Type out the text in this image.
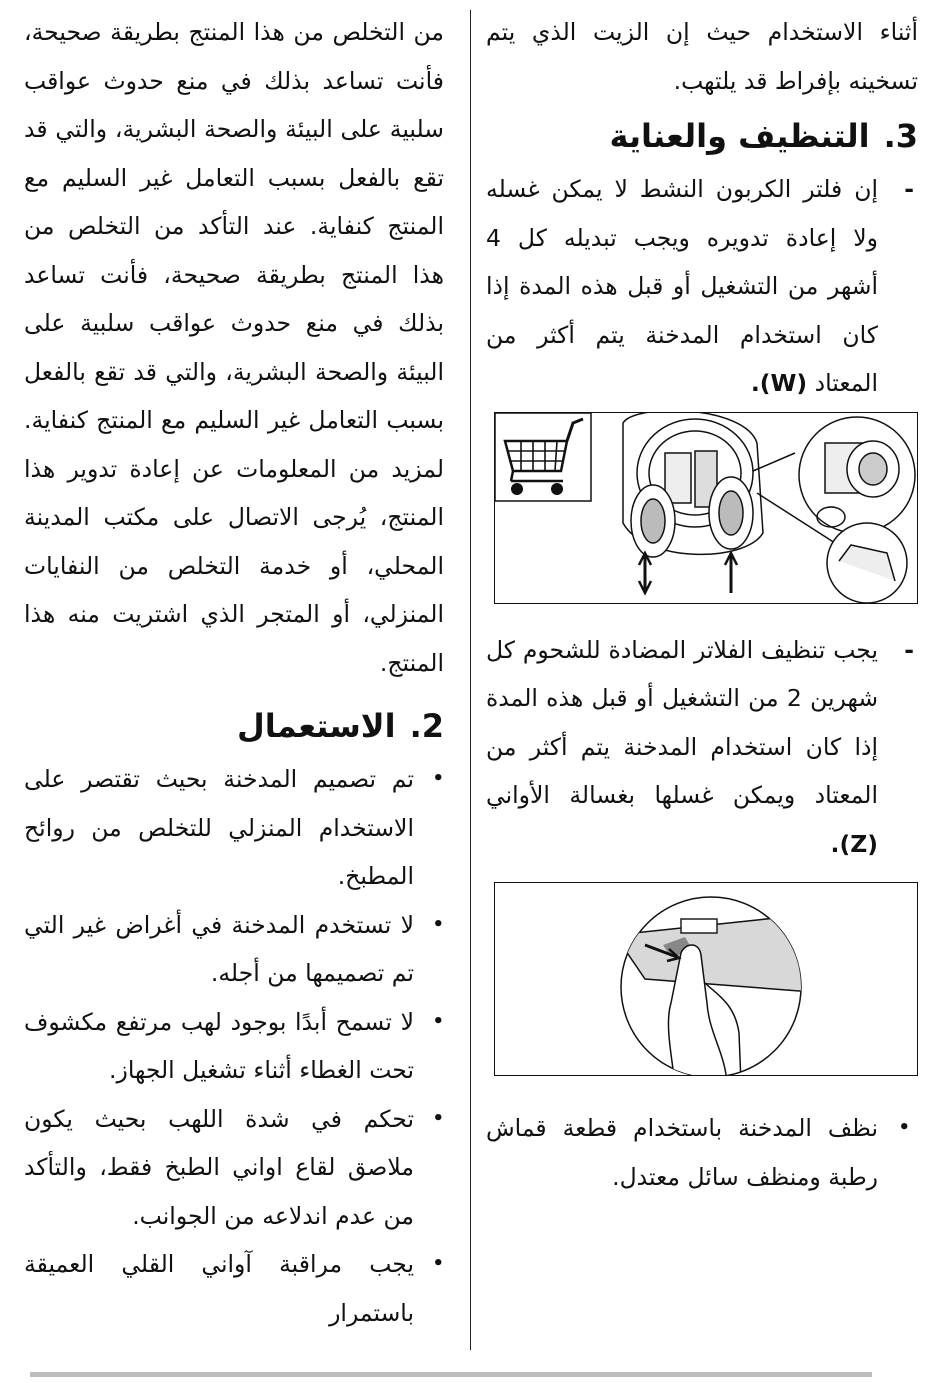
أثناء الاستخدام حيث إن الزيت الذي يتم تسخينه بإفراط قد يلتهب.

3.التنظيف والعناية
-
إن فلتر الكربون النشط لا يمكن غسله ولا إعادة تدويره ويجب تبديله كل 4 أشهر من التشغيل أو قبل هذه المدة إذا كان استخدام المدخنة يتم أكثر من المعتاد (W).
-
يجب تنظيف الفلاتر المضادة للشحوم كل شهرين 2 من التشغيل أو قبل هذه المدة إذا كان استخدام المدخنة يتم أكثر من المعتاد ويمكن غسلها بغسالة الأواني (Z).
•
نظف المدخنة باستخدام قطعة قماش رطبة ومنظف سائل معتدل.

من التخلص من هذا المنتج بطريقة صحيحة، فأنت تساعد بذلك في منع حدوث عواقب سلبية على البيئة والصحة البشرية، والتي قد تقع بالفعل بسبب التعامل غير السليم مع المنتج كنفاية. عند التأكد من التخلص من هذا المنتج بطريقة صحيحة، فأنت تساعد بذلك في منع حدوث عواقب سلبية على البيئة والصحة البشرية، والتي قد تقع بالفعل بسبب التعامل غير السليم مع المنتج كنفاية. لمزيد من المعلومات عن إعادة تدوير هذا المنتج، يُرجى الاتصال على مكتب المدينة المحلي، أو خدمة التخلص من النفايات المنزلي، أو المتجر الذي اشتريت منه هذا المنتج.

2.الاستعمال
•
تم تصميم المدخنة بحيث تقتصر على الاستخدام المنزلي للتخلص من روائح المطبخ.
•
لا تستخدم المدخنة في أغراض غير التي تم تصميمها من أجله.
•
لا تسمح أبدًا بوجود لهب مرتفع مكشوف تحت الغطاء أثناء تشغيل الجهاز.
•
تحكم في شدة اللهب بحيث يكون ملاصق لقاع اواني الطبخ فقط، والتأكد من عدم اندلاعه من الجوانب.
•
يجب مراقبة آواني القلي العميقة باستمرار
